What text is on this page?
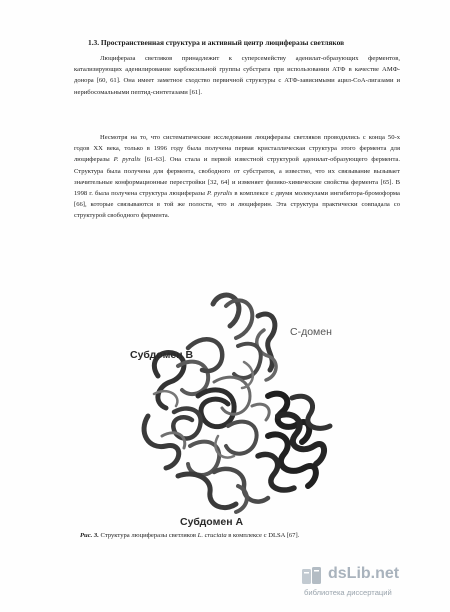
1.3. Пространственная структура и активный центр люциферазы светляков
Люцифераза светляков принадлежит к суперсемейству аденилат-образующих ферментов, катализирующих аденилирование карбоксильной группы субстрата при использовании АТФ в качестве АМФ-донора [60, 61]. Она имеет заметное сходство первичной структуры с АТФ-зависимыми ацил-СоА-лигазами и нерибосомальными пептид-синтетазами [61].
Несмотря на то, что систематические исследования люциферазы светляков проводились с конца 50-х годов XX века, только в 1996 году была получена первая кристаллическая структура этого фермента для люциферазы P. pyralis [61-63]. Она стала и первой известной структурой аденилат-образующего фермента. Структура была получена для фермента, свободного от субстратов, а известно, что их связывание вызывает значительные конформационные перестройки [32, 64] и изменяет физико-химические свойства фермента [65]. В 1998 г. была получена структура люциферазы P. pyralis в комплексе с двумя молекулами ингибитора-бромоформа [66], которые связываются в той же полости, что и люциферин. Эта структура практически совпадала со структурой свободного фермента.
Субдомен B
C-домен
Субдомен A
Рис. 3. Структура люциферазы светляков L. cruciata в комплексе с DLSA [67].
dsLib.net
библиотека диссертаций
